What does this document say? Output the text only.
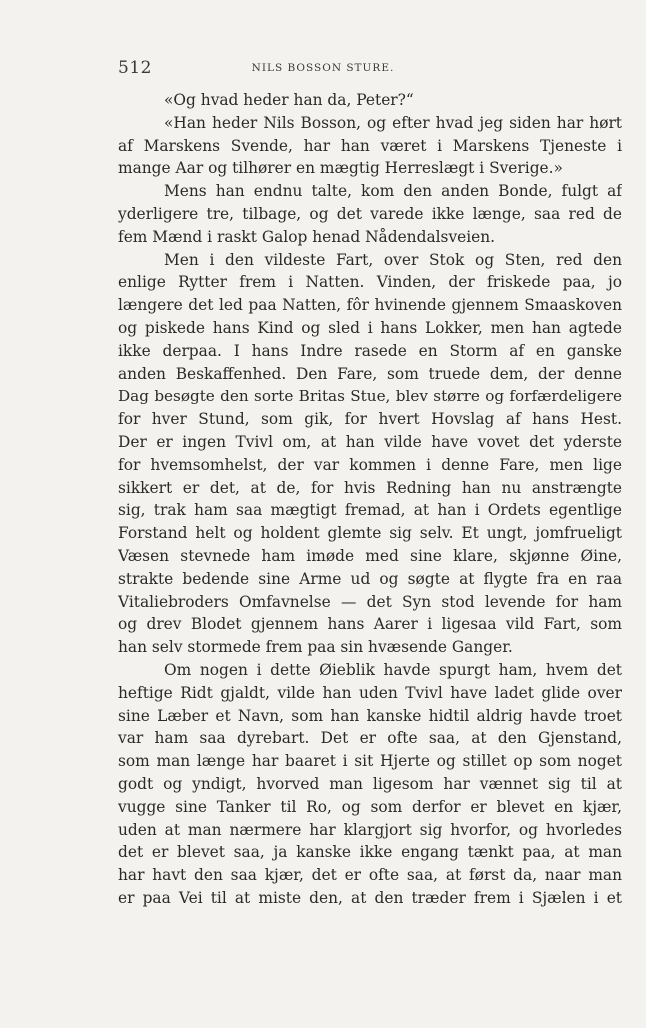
512	NILS BOSSON STURE.
«Og hvad heder han da, Peter?“
«Han heder Nils Bosson, og efter hvad jeg siden har hørt
af Marskens Svende, har han været i Marskens Tjeneste i
mange Aar og tilhører en mægtig Herreslægt i Sverige.»
Mens han endnu talte, kom den anden Bonde, fulgt af
yderligere tre, tilbage, og det varede ikke længe, saa red de
fem Mænd i raskt Galop henad Nådendalsveien.
Men i den vildeste Fart, over Stok og Sten, red den
enlige Rytter frem i Natten. Vinden, der friskede paa, jo
længere det led paa Natten, fôr hvinende gjennem Smaaskoven
og piskede hans Kind og sled i hans Lokker, men han agtede
ikke derpaa. I hans Indre rasede en Storm af en ganske
anden Beskaffenhed. Den Fare, som truede dem, der denne
Dag besøgte den sorte Britas Stue, blev større og forfærdeligere
for hver Stund, som gik, for hvert Hovslag af hans Hest.
Der er ingen Tvivl om, at han vilde have vovet det yderste
for hvemsomhelst, der var kommen i denne Fare, men lige
sikkert er det, at de, for hvis Redning han nu anstrængte
sig, trak ham saa mægtigt fremad, at han i Ordets egentlige
Forstand helt og holdent glemte sig selv. Et ungt, jomfrueligt
Væsen stevnede ham imøde med sine klare, skjønne Øine,
strakte bedende sine Arme ud og søgte at flygte fra en raa
Vitaliebroders Omfavnelse — det Syn stod levende for ham
og drev Blodet gjennem hans Aarer i ligesaa vild Fart, som
han selv stormede frem paa sin hvæsende Ganger.
Om nogen i dette Øieblik havde spurgt ham, hvem det
heftige Ridt gjaldt, vilde han uden Tvivl have ladet glide over
sine Læber et Navn, som han kanske hidtil aldrig havde troet
var ham saa dyrebart. Det er ofte saa, at den Gjenstand,
som man længe har baaret i sit Hjerte og stillet op som noget
godt og yndigt, hvorved man ligesom har vænnet sig til at
vugge sine Tanker til Ro, og som derfor er blevet en kjær,
uden at man nærmere har klargjort sig hvorfor, og hvorledes
det er blevet saa, ja kanske ikke engang tænkt paa, at man
har havt den saa kjær, det er ofte saa, at først da, naar man
er paa Vei til at miste den, at den træder frem i Sjælen i et
